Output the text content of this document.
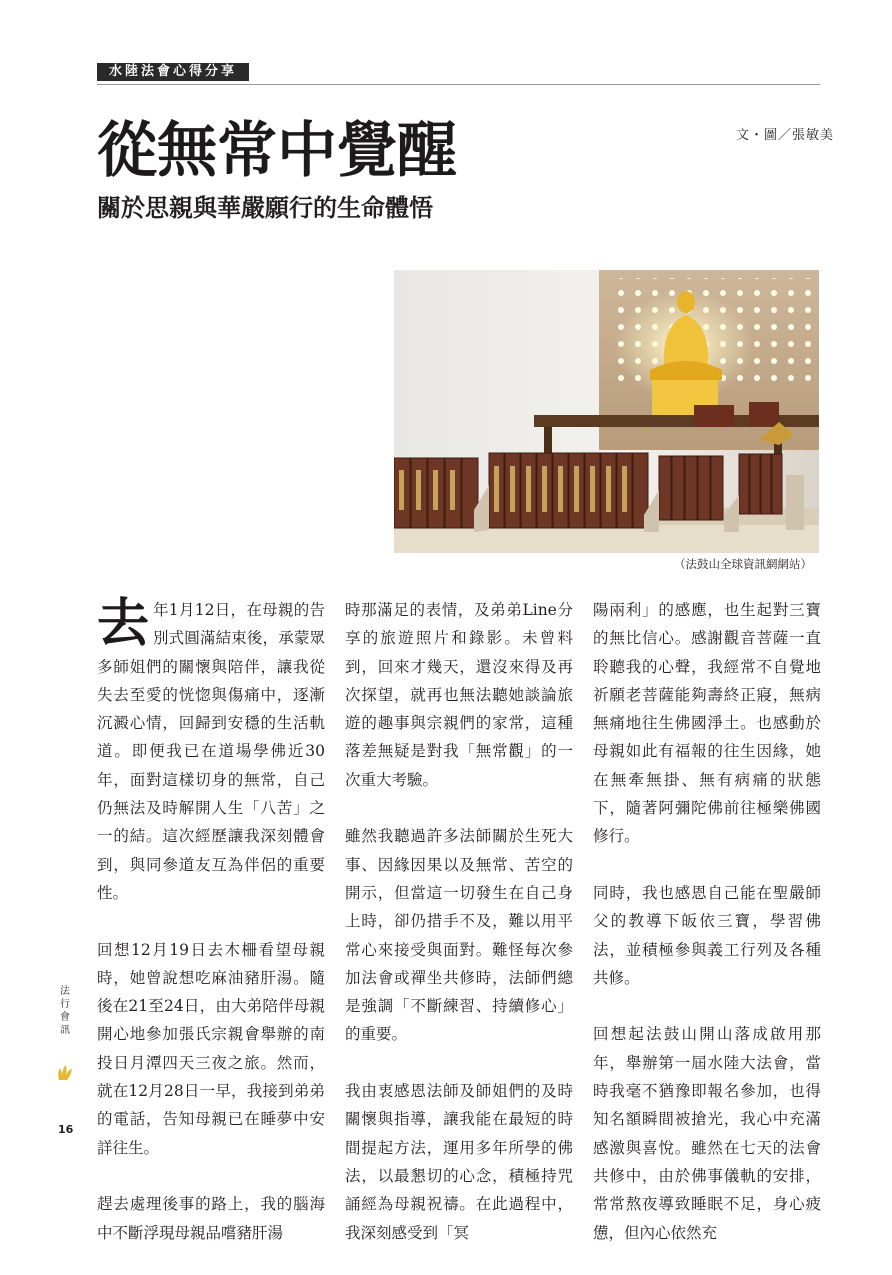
水陸法會心得分享
從無常中覺醒
關於思親與華嚴願行的生命體悟
文・圖／張敏美
（法鼓山全球資訊網網站）
去 年1月12日，在母親的告別式圓滿結束後，承蒙眾多師姐們的關懷與陪伴，讓我從失去至愛的恍惚與傷痛中，逐漸沉澱心情，回歸到安穩的生活軌道。即便我已在道場學佛近30年，面對這樣切身的無常，自己仍無法及時解開人生「八苦」之一的結。這次經歷讓我深刻體會到，與同參道友互為伴侶的重要性。

回想12月19日去木柵看望母親時，她曾說想吃麻油豬肝湯。隨後在21至24日，由大弟陪伴母親開心地參加張氏宗親會舉辦的南投日月潭四天三夜之旅。然而，就在12月28日一早，我接到弟弟的電話，告知母親已在睡夢中安詳往生。

趕去處理後事的路上，我的腦海中不斷浮現母親品嚐豬肝湯

時那滿足的表情，及弟弟Line分享的旅遊照片和錄影。未曾料到，回來才幾天，還沒來得及再次探望，就再也無法聽她談論旅遊的趣事與宗親們的家常，這種落差無疑是對我「無常觀」的一次重大考驗。

雖然我聽過許多法師關於生死大事、因緣因果以及無常、苦空的開示，但當這一切發生在自己身上時，卻仍措手不及，難以用平常心來接受與面對。難怪每次參加法會或禪坐共修時，法師們總是強調「不斷練習、持續修心」的重要。

我由衷感恩法師及師姐們的及時關懷與指導，讓我能在最短的時間提起方法，運用多年所學的佛法，以最懇切的心念，積極持咒誦經為母親祝禱。在此過程中，我深刻感受到「冥

陽兩利」的感應，也生起對三寶的無比信心。感謝觀音菩薩一直聆聽我的心聲，我經常不自覺地祈願老菩薩能夠壽終正寢，無病無痛地往生佛國淨土。也感動於母親如此有福報的往生因緣，她在無牽無掛、無有病痛的狀態下，隨著阿彌陀佛前往極樂佛國修行。

同時，我也感恩自己能在聖嚴師父的教導下皈依三寶，學習佛法，並積極參與義工行列及各種共修。

回想起法鼓山開山落成啟用那年，舉辦第一屆水陸大法會，當時我毫不猶豫即報名參加，也得知名額瞬間被搶光，我心中充滿感激與喜悅。雖然在七天的法會共修中，由於佛事儀軌的安排，常常熬夜導致睡眠不足，身心疲憊，但內心依然充

法行會訊
16
